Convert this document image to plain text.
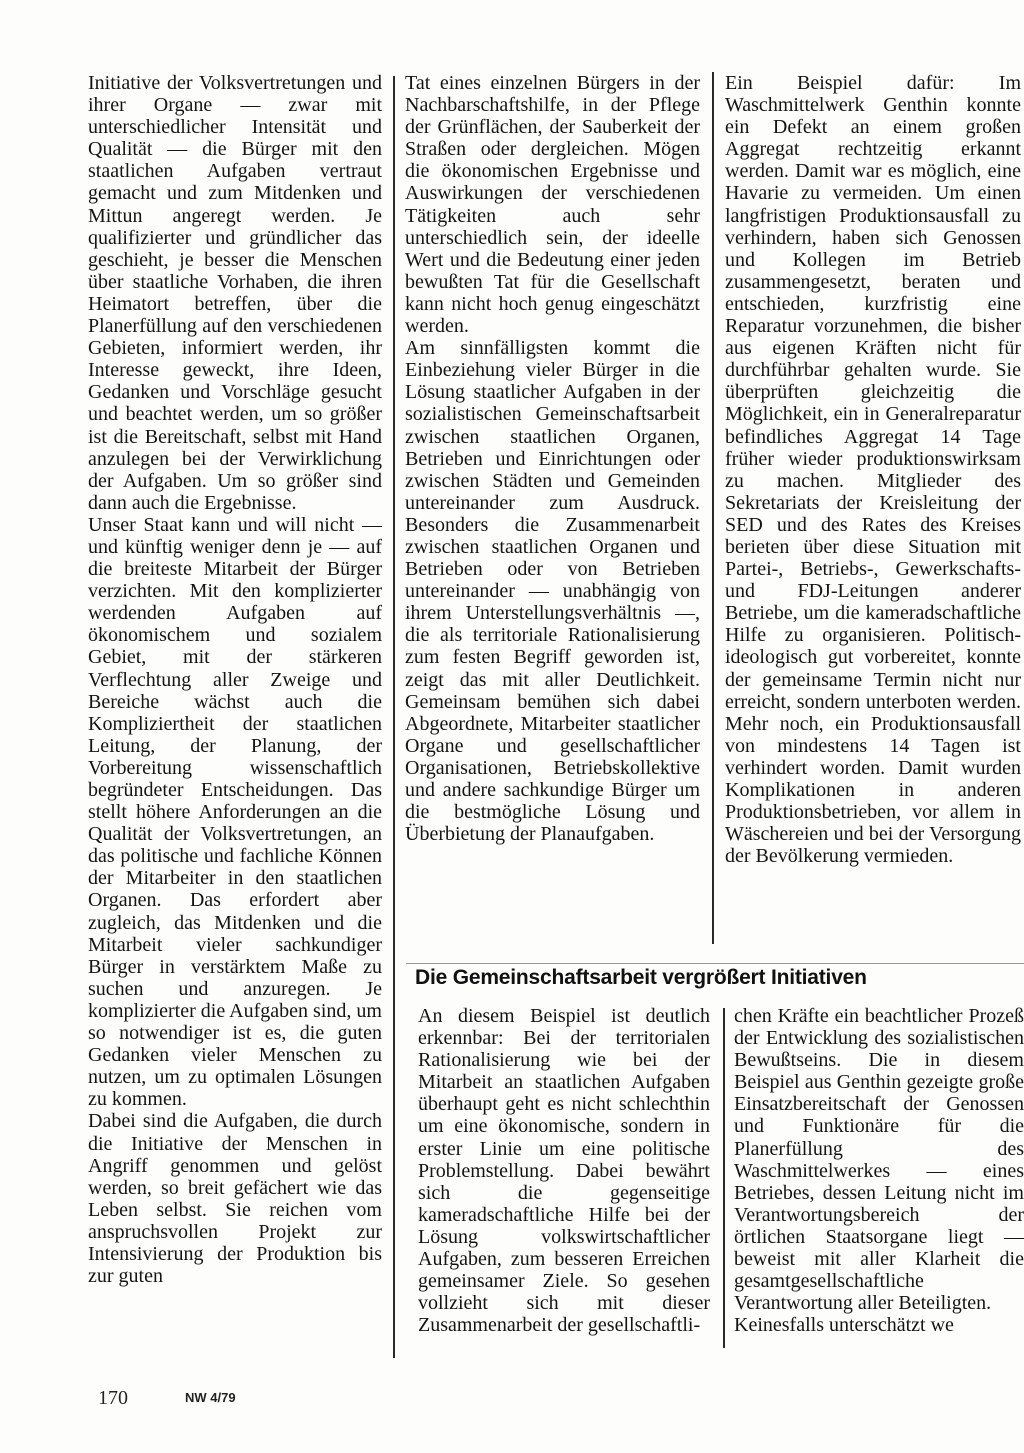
Initiative der Volksvertretungen und ihrer Organe — zwar mit unterschiedlicher Intensität und Qualität — die Bürger mit den staatlichen Aufgaben vertraut gemacht und zum Mitdenken und Mittun angeregt werden. Je qualifizierter und gründlicher das geschieht, je besser die Menschen über staatliche Vorhaben, die ihren Heimatort betreffen, über die Planerfüllung auf den verschiedenen Gebieten, informiert werden, ihr Interesse geweckt, ihre Ideen, Gedanken und Vorschläge gesucht und beachtet werden, um so größer ist die Bereitschaft, selbst mit Hand anzulegen bei der Verwirklichung der Aufgaben. Um so größer sind dann auch die Ergebnisse.

Unser Staat kann und will nicht — und künftig weniger denn je — auf die breiteste Mitarbeit der Bürger verzichten. Mit den komplizierter werdenden Aufgaben auf ökonomischem und sozialem Gebiet, mit der stärkeren Verflechtung aller Zweige und Bereiche wächst auch die Kompliziertheit der staatlichen Leitung, der Planung, der Vorbereitung wissenschaftlich begründeter Entscheidungen. Das stellt höhere Anforderungen an die Qualität der Volksvertretungen, an das politische und fachliche Können der Mitarbeiter in den staatlichen Organen. Das erfordert aber zugleich, das Mitdenken und die Mitarbeit vieler sachkundiger Bürger in verstärktem Maße zu suchen und anzuregen. Je komplizierter die Aufgaben sind, um so notwendiger ist es, die guten Gedanken vieler Menschen zu nutzen, um zu optimalen Lösungen zu kommen.

Dabei sind die Aufgaben, die durch die Initiative der Menschen in Angriff genommen und gelöst werden, so breit gefächert wie das Leben selbst. Sie reichen vom anspruchsvollen Projekt zur Intensivierung der Produktion bis zur guten

Tat eines einzelnen Bürgers in der Nachbarschaftshilfe, in der Pflege der Grünflächen, der Sauberkeit der Straßen oder dergleichen. Mögen die ökonomischen Ergebnisse und Auswirkungen der verschiedenen Tätigkeiten auch sehr unterschiedlich sein, der ideelle Wert und die Bedeutung einer jeden bewußten Tat für die Gesellschaft kann nicht hoch genug eingeschätzt werden.

Am sinnfälligsten kommt die Einbeziehung vieler Bürger in die Lösung staatlicher Aufgaben in der sozialistischen Gemeinschaftsarbeit zwischen staatlichen Organen, Betrieben und Einrichtungen oder zwischen Städten und Gemeinden untereinander zum Ausdruck. Besonders die Zusammenarbeit zwischen staatlichen Organen und Betrieben oder von Betrieben untereinander — unabhängig von ihrem Unterstellungsverhältnis —, die als territoriale Rationalisierung zum festen Begriff geworden ist, zeigt das mit aller Deutlichkeit. Gemeinsam bemühen sich dabei Abgeordnete, Mitarbeiter staatlicher Organe und gesellschaftlicher Organisationen, Betriebskollektive und andere sachkundige Bürger um die bestmögliche Lösung und Überbietung der Planaufgaben.

Ein Beispiel dafür: Im Waschmittelwerk Genthin konnte ein Defekt an einem großen Aggregat rechtzeitig erkannt werden. Damit war es möglich, eine Havarie zu vermeiden. Um einen langfristigen Produktionsausfall zu verhindern, haben sich Genossen und Kollegen im Betrieb zusammengesetzt, beraten und entschieden, kurzfristig eine Reparatur vorzunehmen, die bisher aus eigenen Kräften nicht für durchführbar gehalten wurde. Sie überprüften gleichzeitig die Möglichkeit, ein in Generalreparatur befindliches Aggregat 14 Tage früher wieder produktionswirksam zu machen. Mitglieder des Sekretariats der Kreisleitung der SED und des Rates des Kreises berieten über diese Situation mit Partei-, Betriebs-, Gewerkschafts- und FDJ-Leitungen anderer Betriebe, um die kameradschaftliche Hilfe zu organisieren. Politisch-ideologisch gut vorbereitet, konnte der gemeinsame Termin nicht nur erreicht, sondern unterboten werden. Mehr noch, ein Produktionsausfall von mindestens 14 Tagen ist verhindert worden. Damit wurden Komplikationen in anderen Produktionsbetrieben, vor allem in Wäschereien und bei der Versorgung der Bevölkerung vermieden.

Die Gemeinschaftsarbeit vergrößert Initiativen

An diesem Beispiel ist deutlich erkennbar: Bei der territorialen Rationalisierung wie bei der Mitarbeit an staatlichen Aufgaben überhaupt geht es nicht schlechthin um eine ökonomische, sondern in erster Linie um eine politische Problemstellung. Dabei bewährt sich die gegenseitige kameradschaftliche Hilfe bei der Lösung volkswirtschaftlicher Aufgaben, zum besseren Erreichen gemeinsamer Ziele. So gesehen vollzieht sich mit dieser Zusammenarbeit der gesellschaftli-

chen Kräfte ein beachtlicher Prozeß der Entwicklung des sozialistischen Bewußtseins. Die in diesem Beispiel aus Genthin gezeigte große Einsatzbereitschaft der Genossen und Funktionäre für die Planerfüllung des Waschmittelwerkes — eines Betriebes, dessen Leitung nicht im Verantwortungsbereich der örtlichen Staatsorgane liegt — beweist mit aller Klarheit die gesamtgesellschaftliche Verantwortung aller Beteiligten.

Keinesfalls unterschätzt we

170	NW 4/79
